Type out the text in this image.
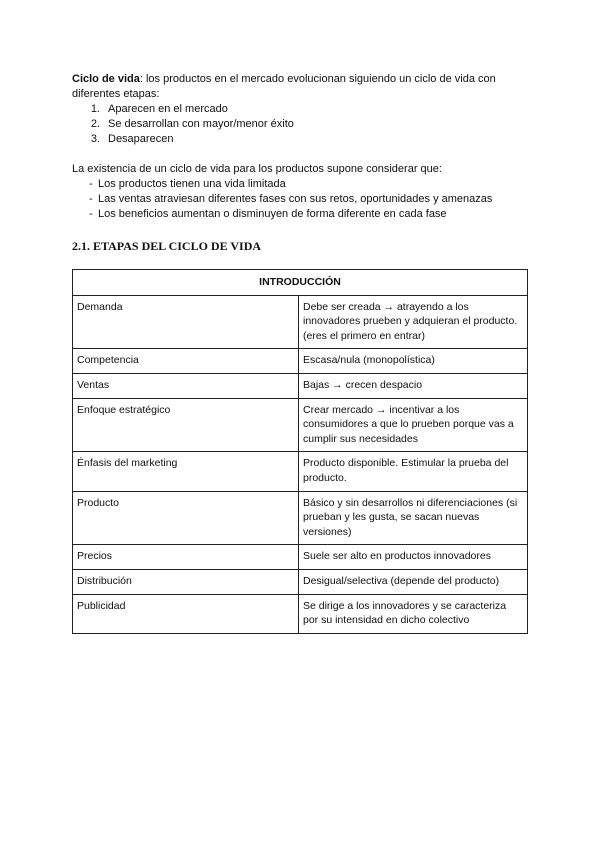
Ciclo de vida: los productos en el mercado evolucionan siguiendo un ciclo de vida con diferentes etapas:

1. Aparecen en el mercado
2. Se desarrollan con mayor/menor éxito
3. Desaparecen

La existencia de un ciclo de vida para los productos supone considerar que:

- Los productos tienen una vida limitada
- Las ventas atraviesan diferentes fases con sus retos, oportunidades y amenazas
- Los beneficios aumentan o disminuyen de forma diferente en cada fase
2.1. ETAPAS DEL CICLO DE VIDA
INTRODUCCIÓN	
Demanda	Debe ser creada → atrayendo a los innovadores prueben y adquieran el producto. (eres el primero en entrar)
Competencia	Escasa/nula (monopolística)
Ventas	Bajas → crecen despacio
Enfoque estratégico	Crear mercado → incentivar a los consumidores a que lo prueben porque vas a cumplir sus necesidades
Énfasis del marketing	Producto disponible. Estimular la prueba del producto.
Producto	Básico y sin desarrollos ni diferenciaciones (si prueban y les gusta, se sacan nuevas versiones)
Precios	Suele ser alto en productos innovadores
Distribución	Desigual/selectiva (depende del producto)
Publicidad	Se dirige a los innovadores y se caracteriza por su intensidad en dicho colectivo
